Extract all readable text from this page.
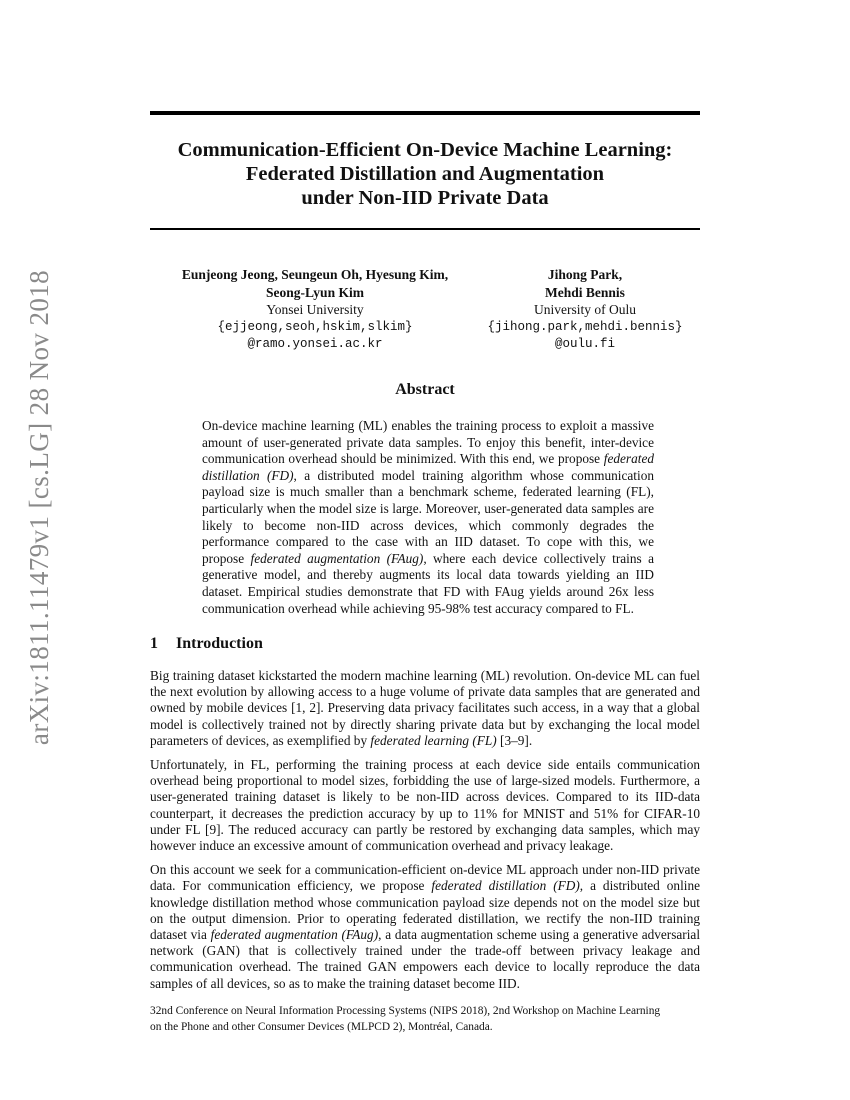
arXiv:1811.11479v1 [cs.LG] 28 Nov 2018
Communication-Efficient On-Device Machine Learning:
Federated Distillation and Augmentation
under Non-IID Private Data
Eunjeong Jeong, Seungeun Oh, Hyesung Kim,
Seong-Lyun Kim
Yonsei University
{ejjeong,seoh,hskim,slkim}
@ramo.yonsei.ac.kr
Jihong Park,
Mehdi Bennis
University of Oulu
{jihong.park,mehdi.bennis}
@oulu.fi
Abstract

On-device machine learning (ML) enables the training process to exploit a massive amount of user-generated private data samples. To enjoy this benefit, inter-device communication overhead should be minimized. With this end, we propose federated distillation (FD), a distributed model training algorithm whose communication payload size is much smaller than a benchmark scheme, federated learning (FL), particularly when the model size is large. Moreover, user-generated data samples are likely to become non-IID across devices, which commonly degrades the performance compared to the case with an IID dataset. To cope with this, we propose federated augmentation (FAug), where each device collectively trains a generative model, and thereby augments its local data towards yielding an IID dataset. Empirical studies demonstrate that FD with FAug yields around 26x less communication overhead while achieving 95-98% test accuracy compared to FL.

1 Introduction

Big training dataset kickstarted the modern machine learning (ML) revolution. On-device ML can fuel the next evolution by allowing access to a huge volume of private data samples that are generated and owned by mobile devices [1, 2]. Preserving data privacy facilitates such access, in a way that a global model is collectively trained not by directly sharing private data but by exchanging the local model parameters of devices, as exemplified by federated learning (FL) [3–9].

Unfortunately, in FL, performing the training process at each device side entails communication overhead being proportional to model sizes, forbidding the use of large-sized models. Furthermore, a user-generated training dataset is likely to be non-IID across devices. Compared to its IID-data counterpart, it decreases the prediction accuracy by up to 11% for MNIST and 51% for CIFAR-10 under FL [9]. The reduced accuracy can partly be restored by exchanging data samples, which may however induce an excessive amount of communication overhead and privacy leakage.

On this account we seek for a communication-efficient on-device ML approach under non-IID private data. For communication efficiency, we propose federated distillation (FD), a distributed online knowledge distillation method whose communication payload size depends not on the model size but on the output dimension. Prior to operating federated distillation, we rectify the non-IID training dataset via federated augmentation (FAug), a data augmentation scheme using a generative adversarial network (GAN) that is collectively trained under the trade-off between privacy leakage and communication overhead. The trained GAN empowers each device to locally reproduce the data samples of all devices, so as to make the training dataset become IID.

32nd Conference on Neural Information Processing Systems (NIPS 2018), 2nd Workshop on Machine Learning
on the Phone and other Consumer Devices (MLPCD 2), Montréal, Canada.
